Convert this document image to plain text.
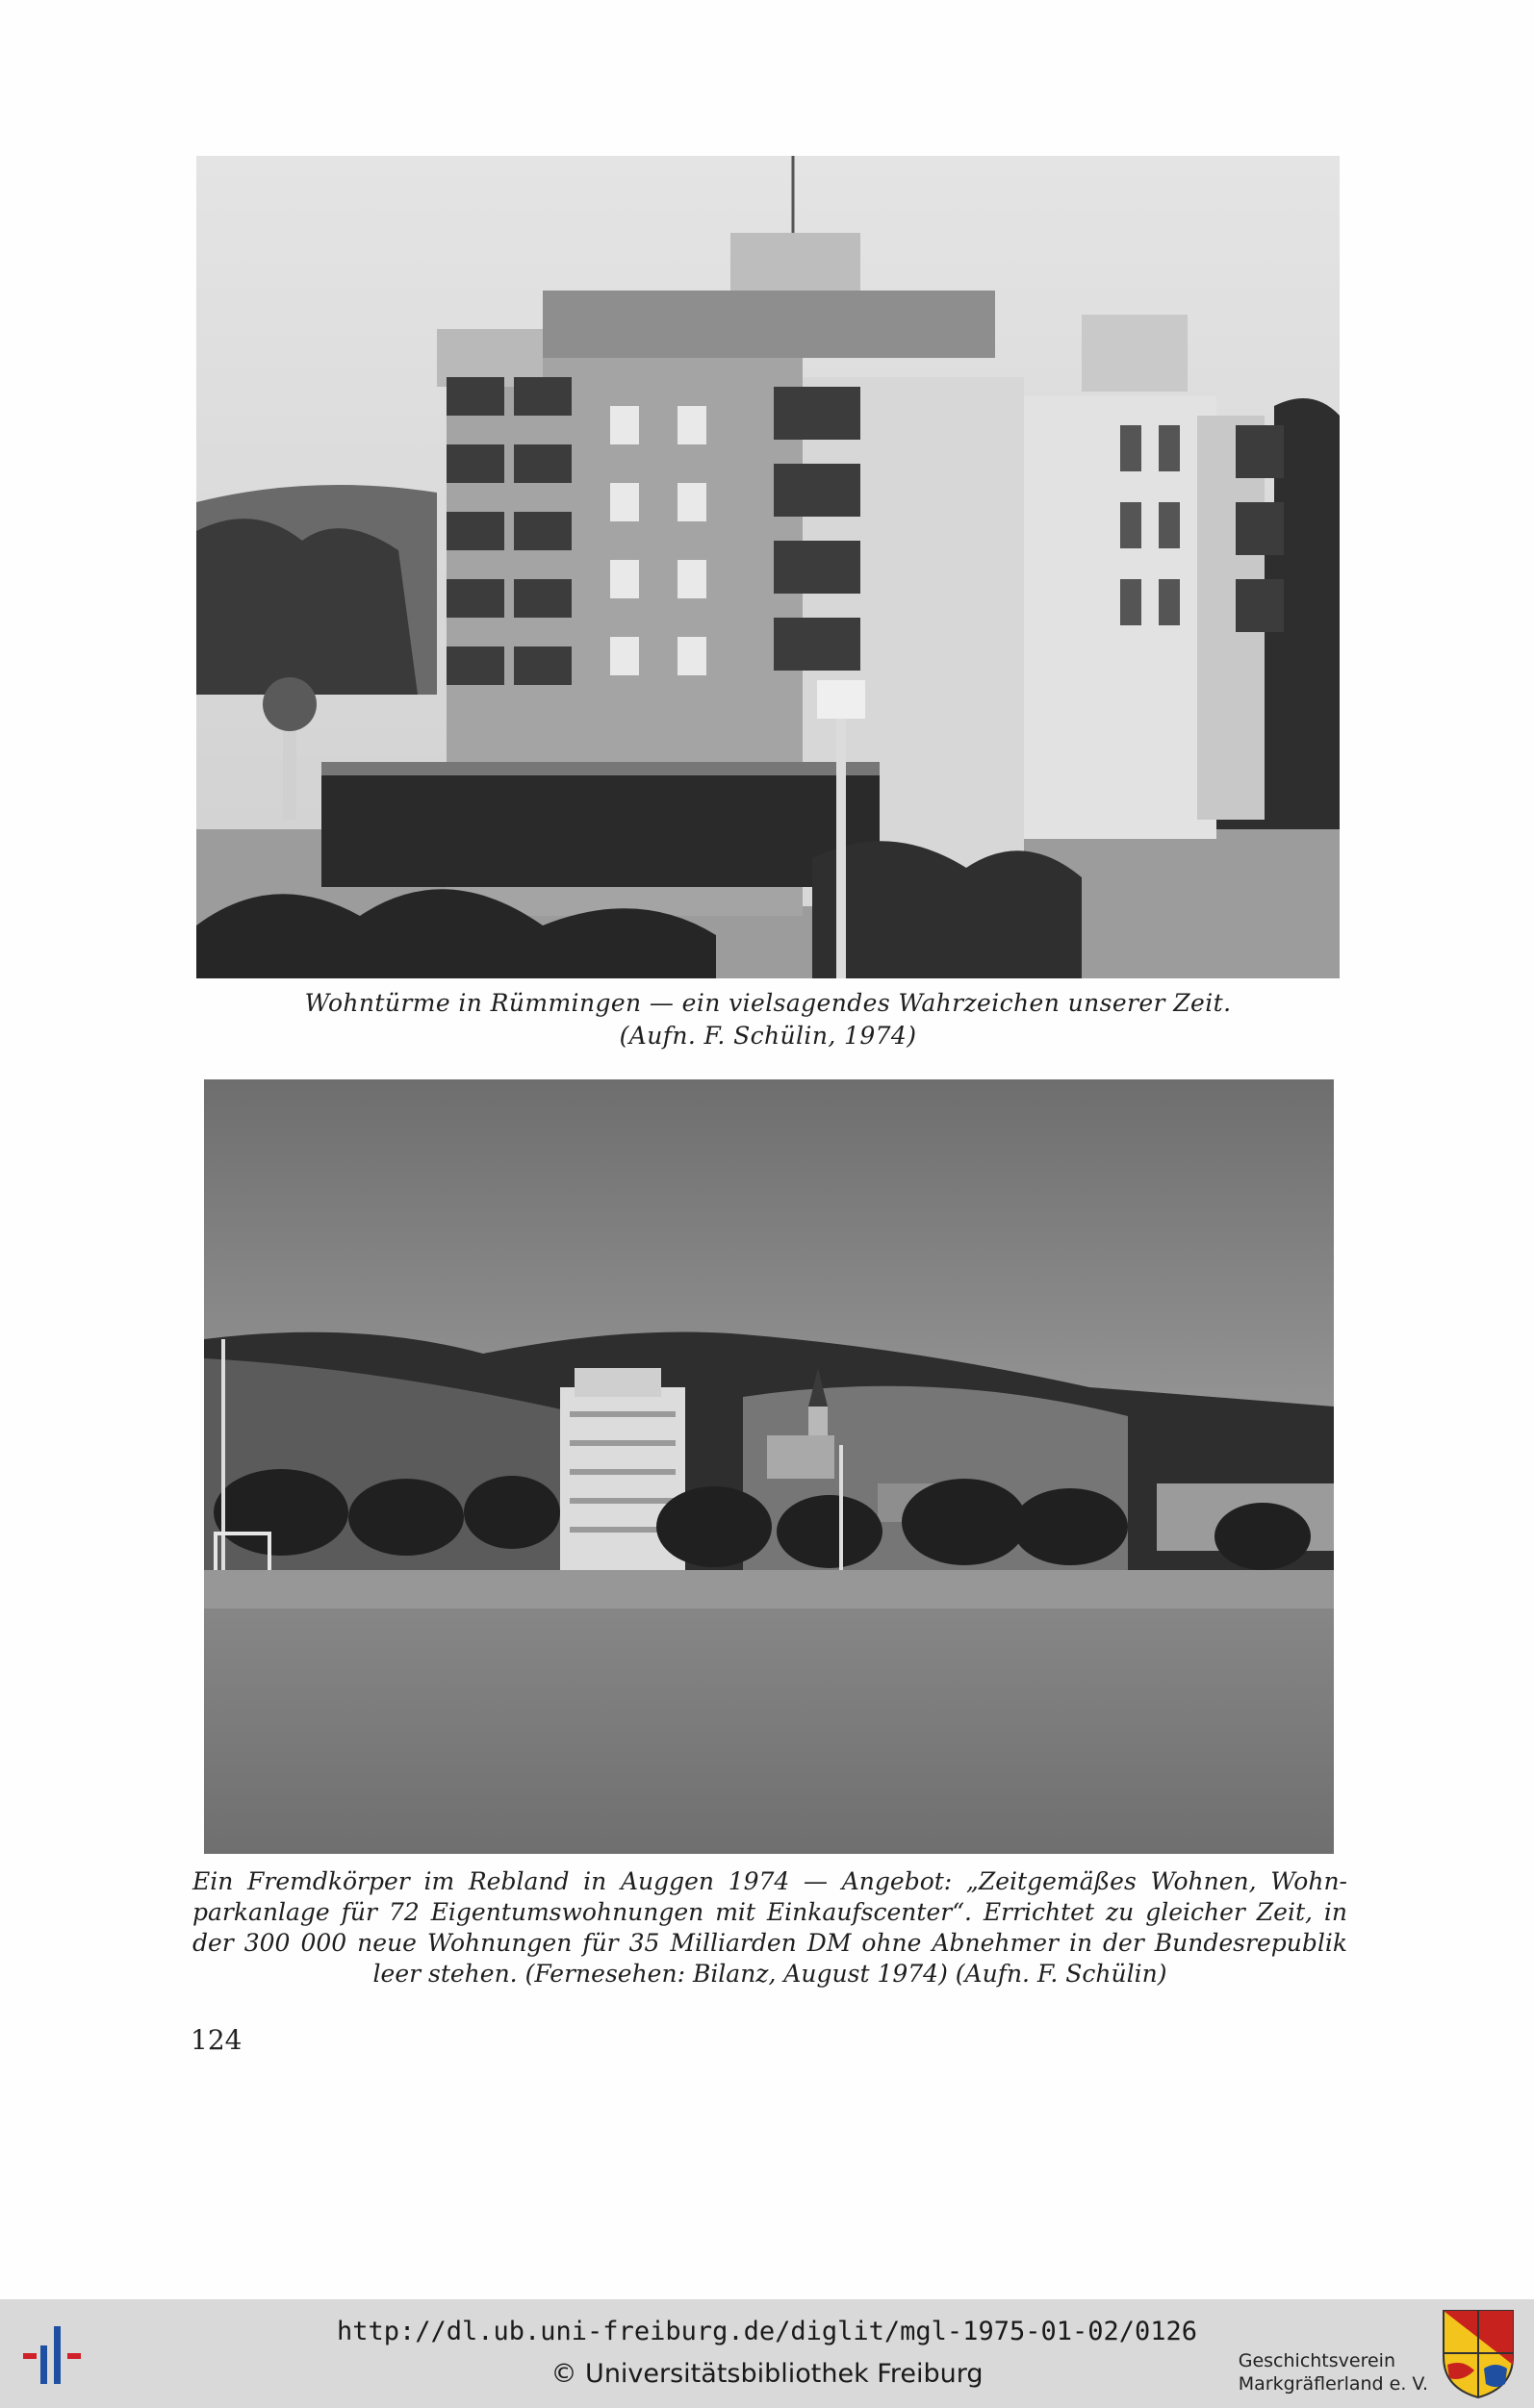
Wohntürme in Rümmingen — ein vielsagendes Wahrzeichen unserer Zeit.
(Aufn. F. Schülin, 1974)
Ein Fremdkörper im Rebland in Auggen 1974 — Angebot: „Zeitgemäßes Wohnen, Wohn-
parkanlage für 72 Eigentumswohnungen mit Einkaufscenter“. Errichtet zu gleicher Zeit, in
der 300 000 neue Wohnungen für 35 Milliarden DM ohne Abnehmer in der Bundesrepublik
leer stehen. (Fernesehen: Bilanz, August 1974) (Aufn. F. Schülin)
124
http://dl.ub.uni-freiburg.de/diglit/mgl-1975-01-02/0126
© Universitätsbibliothek Freiburg	Geschichtsverein
Markgräflerland e. V.
